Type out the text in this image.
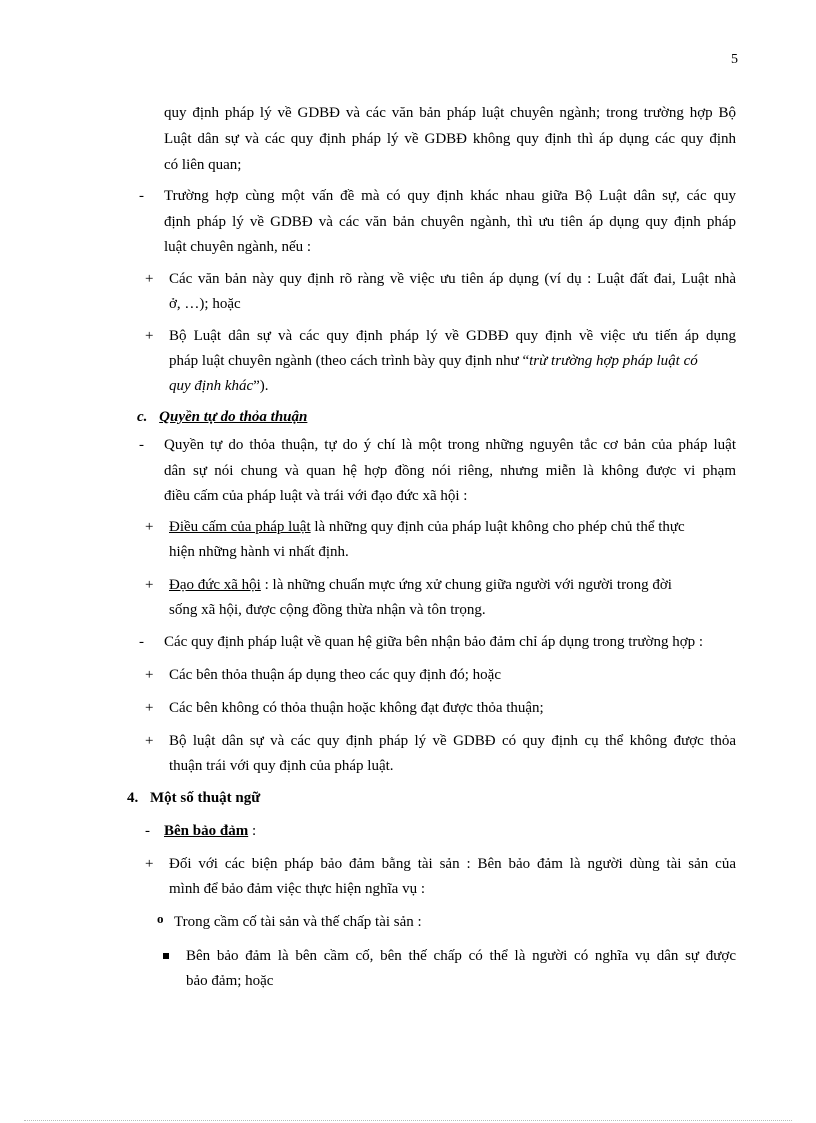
5
quy định pháp lý về GDBĐ và các văn bản pháp luật chuyên ngành; trong trường hợp Bộ
Luật dân sự và các quy định pháp lý về GDBĐ không quy định thì áp dụng các quy định
có liên quan;
- Trường hợp cùng một vấn đề mà có quy định khác nhau giữa Bộ Luật dân sự, các quy
định pháp lý về GDBĐ và các văn bản chuyên ngành, thì ưu tiên áp dụng quy định pháp
luật chuyên ngành, nếu :
+ Các văn bản này quy định rõ ràng về việc ưu tiên áp dụng (ví dụ : Luật đất đai, Luật nhà
ở, …); hoặc
+ Bộ Luật dân sự và các quy định pháp lý về GDBĐ quy định về việc ưu tiến áp dụng
pháp luật chuyên ngành (theo cách trình bày quy định như “trừ trường hợp pháp luật có
quy định khác”).
c. Quyền tự do thỏa thuận
- Quyền tự do thỏa thuận, tự do ý chí là một trong những nguyên tắc cơ bản của pháp luật
dân sự nói chung và quan hệ hợp đồng nói riêng, nhưng miễn là không được vi phạm
điều cấm của pháp luật và trái với đạo đức xã hội :
+ Điều cấm của pháp luật là những quy định của pháp luật không cho phép chủ thể thực
hiện những hành vi nhất định.
+ Đạo đức xã hội : là những chuẩn mực ứng xử chung giữa người với người trong đời
sống xã hội, được cộng đồng thừa nhận và tôn trọng.
- Các quy định pháp luật về quan hệ giữa bên nhận bảo đảm chỉ áp dụng trong trường hợp :
+ Các bên thỏa thuận áp dụng theo các quy định đó; hoặc
+ Các bên không có thỏa thuận hoặc không đạt được thỏa thuận;
+ Bộ luật dân sự và các quy định pháp lý về GDBĐ có quy định cụ thể không được thỏa
thuận trái với quy định của pháp luật.
4. Một số thuật ngữ
- Bên bảo đảm :
+ Đối với các biện pháp bảo đảm bằng tài sản : Bên bảo đảm là người dùng tài sản của
mình để bảo đảm việc thực hiện nghĩa vụ :
o Trong cầm cố tài sản và thế chấp tài sản :
Bên bảo đảm là bên cầm cố, bên thế chấp có thể là người có nghĩa vụ dân sự được
bảo đảm; hoặc
